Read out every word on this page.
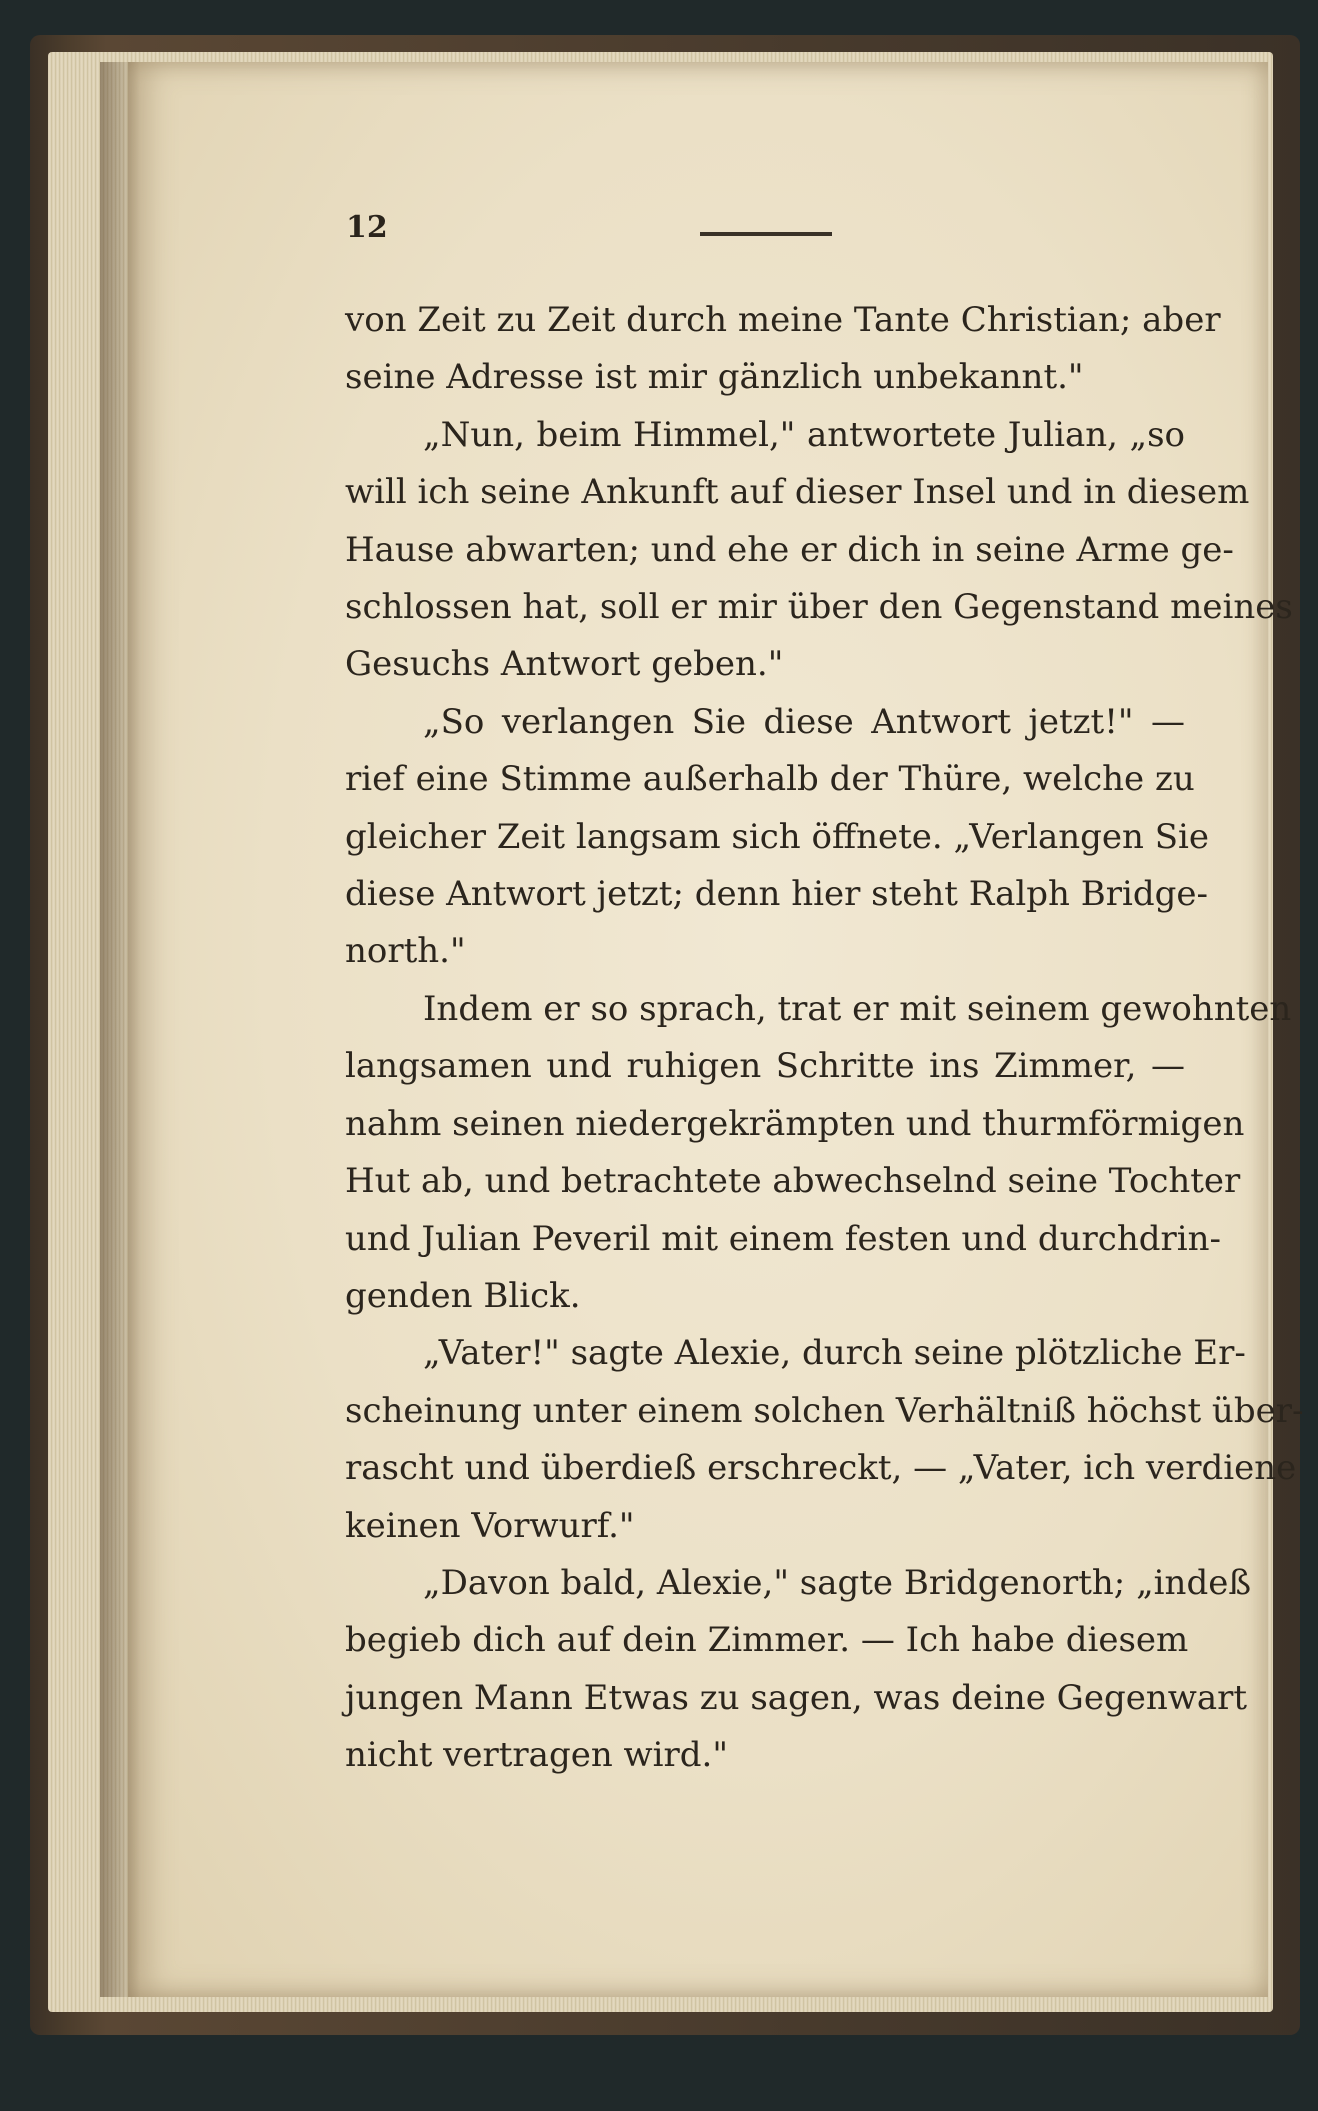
12
von Zeit zu Zeit durch meine Tante Christian; aber
seine Adresse ist mir gänzlich unbekannt."
„Nun, beim Himmel," antwortete Julian, „so
will ich seine Ankunft auf dieser Insel und in diesem
Hause abwarten; und ehe er dich in seine Arme ge-
schlossen hat, soll er mir über den Gegenstand meines
Gesuchs Antwort geben."
„So verlangen Sie diese Antwort jetzt!" —
rief eine Stimme außerhalb der Thüre, welche zu
gleicher Zeit langsam sich öffnete. „Verlangen Sie
diese Antwort jetzt; denn hier steht Ralph Bridge-
north."
Indem er so sprach, trat er mit seinem gewohnten
langsamen und ruhigen Schritte ins Zimmer, —
nahm seinen niedergekrämpten und thurmförmigen
Hut ab, und betrachtete abwechselnd seine Tochter
und Julian Peveril mit einem festen und durchdrin-
genden Blick.
„Vater!" sagte Alexie, durch seine plötzliche Er-
scheinung unter einem solchen Verhältniß höchst über-
rascht und überdieß erschreckt, — „Vater, ich verdiene
keinen Vorwurf."
„Davon bald, Alexie," sagte Bridgenorth; „indeß
begieb dich auf dein Zimmer. — Ich habe diesem
jungen Mann Etwas zu sagen, was deine Gegenwart
nicht vertragen wird."
